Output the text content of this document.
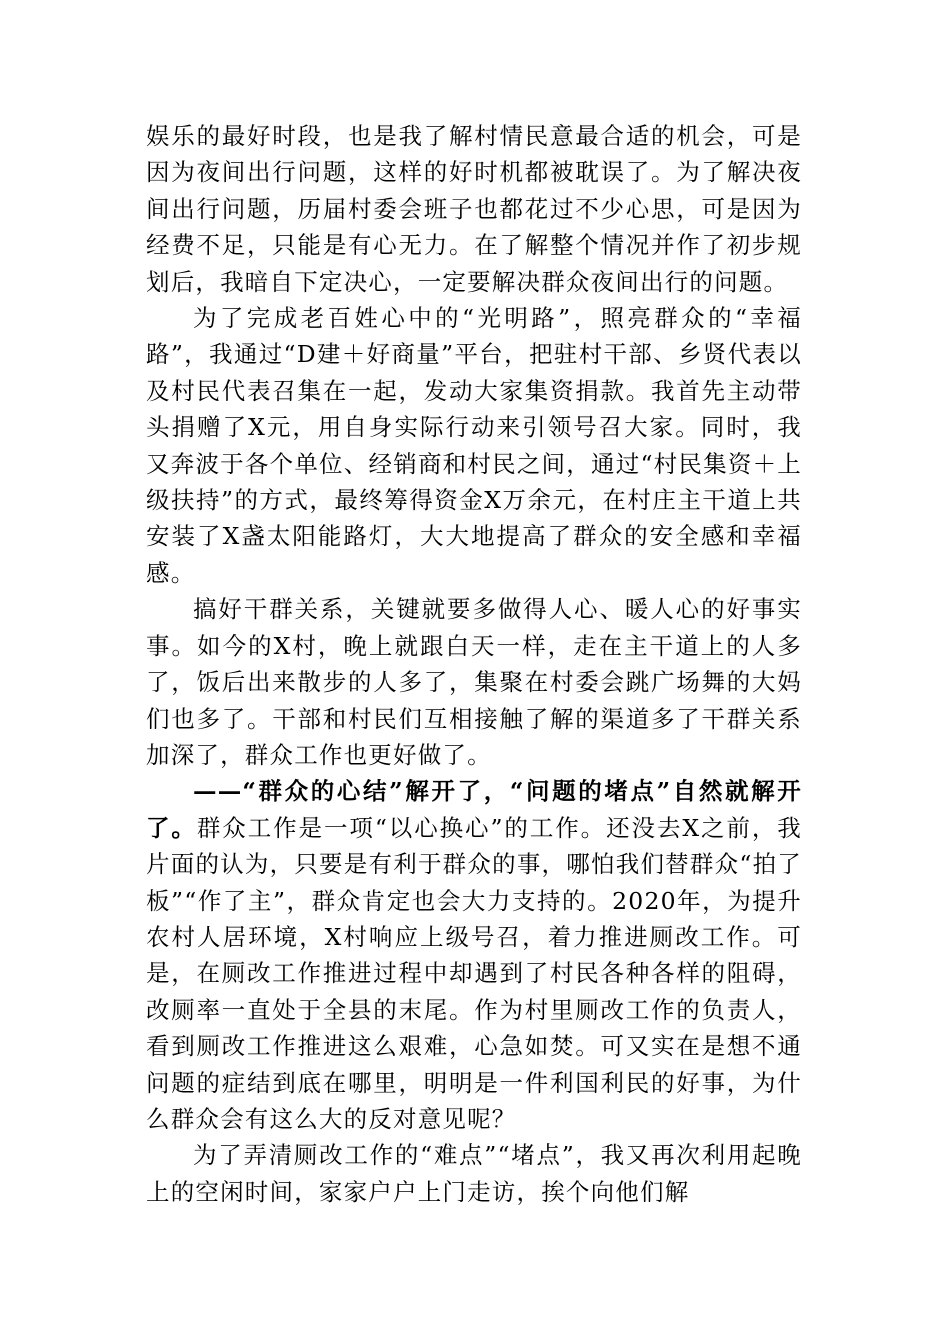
娱乐的最好时段，也是我了解村情民意最合适的机会，可是因为夜间出行问题，这样的好时机都被耽误了。为了解决夜间出行问题，历届村委会班子也都花过不少心思，可是因为经费不足，只能是有心无力。在了解整个情况并作了初步规划后，我暗自下定决心，一定要解决群众夜间出行的问题。

为了完成老百姓心中的“光明路”，照亮群众的“幸福路”，我通过“D建＋好商量”平台，把驻村干部、乡贤代表以及村民代表召集在一起，发动大家集资捐款。我首先主动带头捐赠了X元，用自身实际行动来引领号召大家。同时，我又奔波于各个单位、经销商和村民之间，通过“村民集资＋上级扶持”的方式，最终筹得资金X万余元，在村庄主干道上共安装了X盏太阳能路灯，大大地提高了群众的安全感和幸福感。

搞好干群关系，关键就要多做得人心、暖人心的好事实事。如今的X村，晚上就跟白天一样，走在主干道上的人多了，饭后出来散步的人多了，集聚在村委会跳广场舞的大妈们也多了。干部和村民们互相接触了解的渠道多了干群关系加深了，群众工作也更好做了。

——“群众的心结”解开了，“问题的堵点”自然就解开了。群众工作是一项“以心换心”的工作。还没去X之前，我片面的认为，只要是有利于群众的事，哪怕我们替群众“拍了板”“作了主”，群众肯定也会大力支持的。2020年，为提升农村人居环境，X村响应上级号召，着力推进厕改工作。可是，在厕改工作推进过程中却遇到了村民各种各样的阻碍，改厕率一直处于全县的末尾。作为村里厕改工作的负责人，看到厕改工作推进这么艰难，心急如焚。可又实在是想不通问题的症结到底在哪里，明明是一件利国利民的好事，为什么群众会有这么大的反对意见呢？

为了弄清厕改工作的“难点”“堵点”，我又再次利用起晚上的空闲时间，家家户户上门走访，挨个向他们解
